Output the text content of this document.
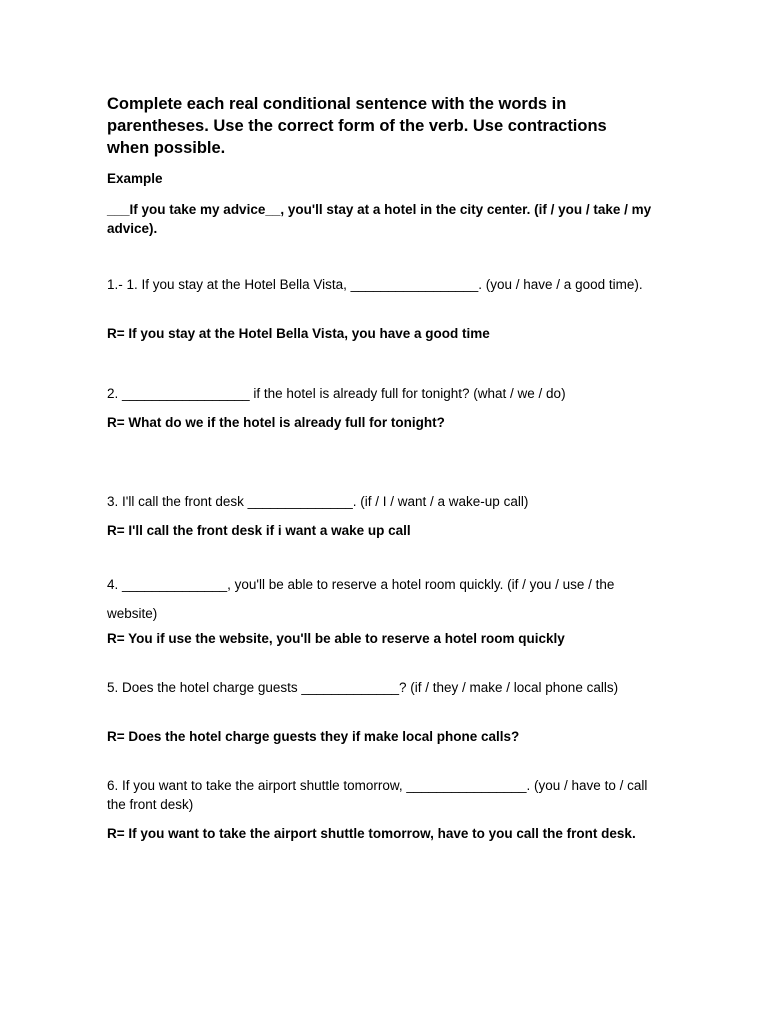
Complete each real conditional sentence with the words in parentheses. Use the correct form of the verb. Use contractions when possible.
Example
___If you take my advice__, you'll stay at a hotel in the city center. (if / you / take / my advice).
1.- 1. If you stay at the Hotel Bella Vista, _________________. (you / have / a good time).
R= If you stay at the Hotel Bella Vista, you have a good time
2. _________________ if the hotel is already full for tonight? (what / we / do)
R= What do we if the hotel is already full for tonight?
3. I'll call the front desk ______________. (if / I / want / a wake-up call)
R= I'll call the front desk if i want a wake up call
4. ______________, you'll be able to reserve a hotel room quickly. (if / you / use / the website)
R= You if use the website, you'll be able to reserve a hotel room quickly
5. Does the hotel charge guests _____________? (if / they / make / local phone calls)
R= Does the hotel charge guests they if make local phone calls?
6. If you want to take the airport shuttle tomorrow, ________________. (you / have to / call the front desk)
R= If you want to take the airport shuttle tomorrow, have to you call the front desk.
